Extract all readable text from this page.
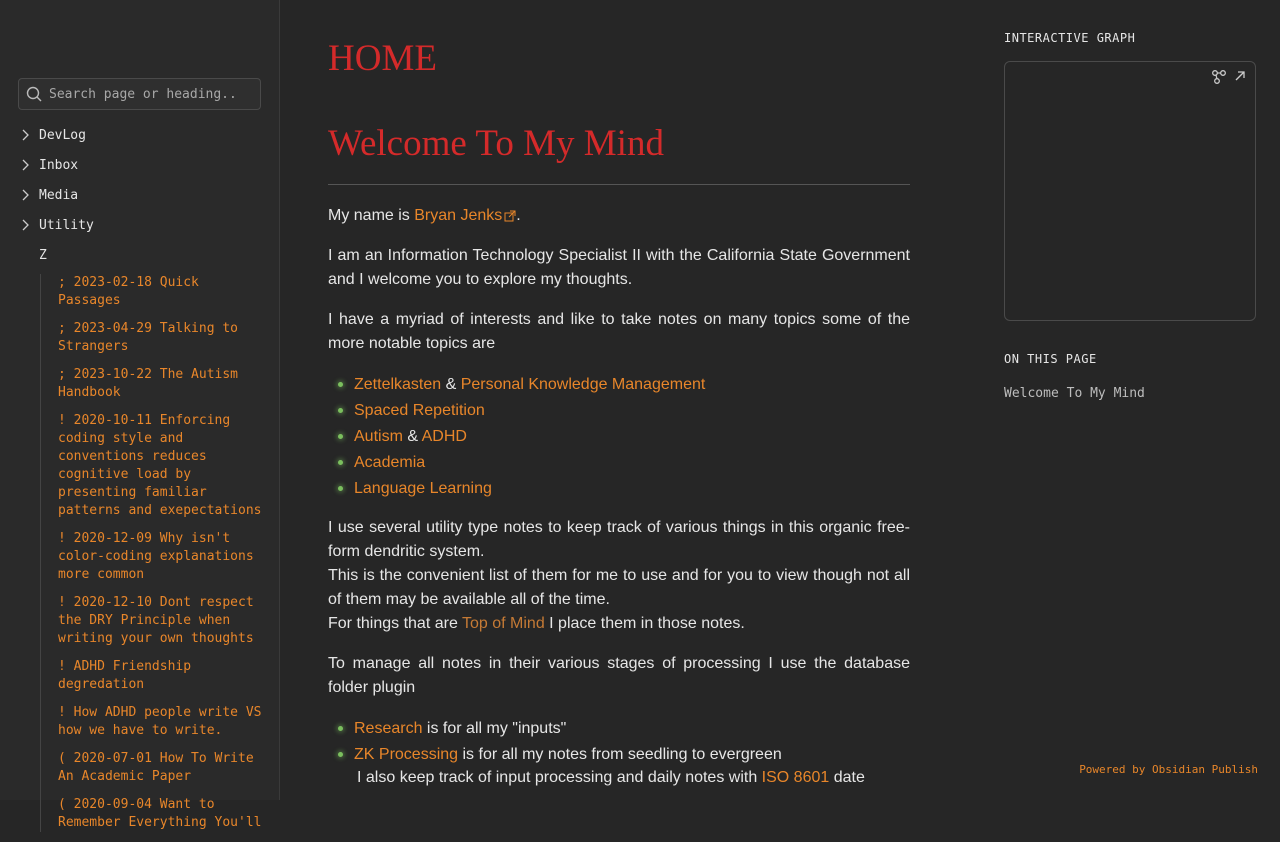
Search page or heading...
DevLog
Inbox
Media
Utility
Z
; 2023-02-18 Quick Passages
; 2023-04-29 Talking to Strangers
; 2023-10-22 The Autism Handbook
! 2020-10-11 Enforcing coding style and conventions reduces cognitive load by presenting familiar patterns and exepectations
! 2020-12-09 Why isn't color-coding explanations more common
! 2020-12-10 Dont respect the DRY Principle when writing your own thoughts
! ADHD Friendship degredation
! How ADHD people write VS how we have to write.
( 2020-07-01 How To Write An Academic Paper
( 2020-09-04 Want to Remember Everything You'll
HOME
Welcome To My Mind

My name is Bryan Jenks .

I am an Information Technology Specialist II with the California State Government and I welcome you to explore my thoughts.

I have a myriad of interests and like to take notes on many topics some of the more notable topics are

Zettelkasten & Personal Knowledge Management
Spaced Repetition
Autism & ADHD
Academia
Language Learning

I use several utility type notes to keep track of various things in this organic free-form dendritic system.

This is the convenient list of them for me to use and for you to view though not all of them may be available all of the time.

For things that are Top of Mind I place them in those notes.

To manage all notes in their various stages of processing I use the database folder plugin

Research is for all my "inputs"
ZK Processing is for all my notes from seedling to evergreen

I also keep track of input processing and daily notes with ISO 8601 date

INTERACTIVE GRAPH
ON THIS PAGE
Welcome To My Mind
Powered by Obsidian Publish
